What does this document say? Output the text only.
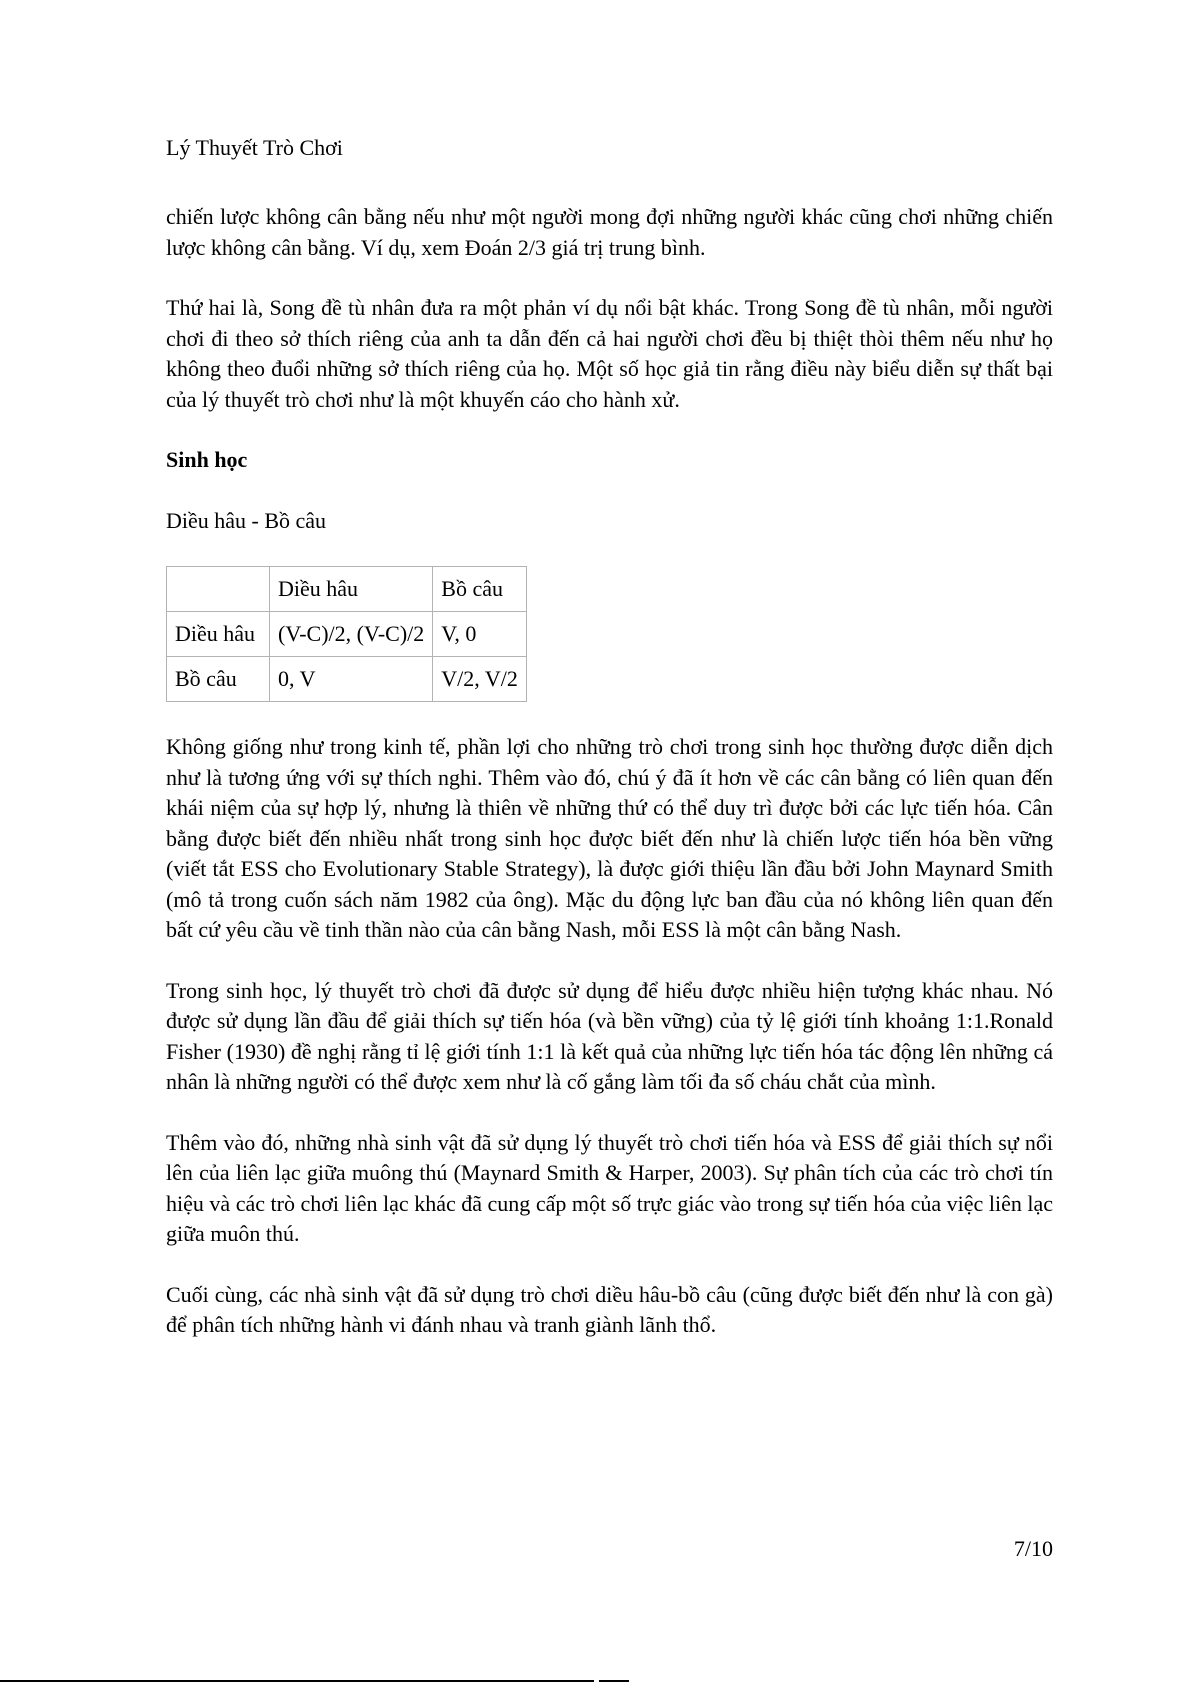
Lý Thuyết Trò Chơi

chiến lược không cân bằng nếu như một người mong đợi những người khác cũng chơi những chiến lược không cân bằng. Ví dụ, xem Đoán 2/3 giá trị trung bình.

Thứ hai là, Song đề tù nhân đưa ra một phản ví dụ nổi bật khác. Trong Song đề tù nhân, mỗi người chơi đi theo sở thích riêng của anh ta dẫn đến cả hai người chơi đều bị thiệt thòi thêm nếu như họ không theo đuổi những sở thích riêng của họ. Một số học giả tin rằng điều này biểu diễn sự thất bại của lý thuyết trò chơi như là một khuyến cáo cho hành xử.

Sinh học

Diều hâu - Bồ câu

	Diều hâu	Bồ câu
Diều hâu	(V-C)/2, (V-C)/2	V, 0
Bồ câu	0, V	V/2, V/2

Không giống như trong kinh tế, phần lợi cho những trò chơi trong sinh học thường được diễn dịch như là tương ứng với sự thích nghi. Thêm vào đó, chú ý đã ít hơn về các cân bằng có liên quan đến khái niệm của sự hợp lý, nhưng là thiên về những thứ có thể duy trì được bởi các lực tiến hóa. Cân bằng được biết đến nhiều nhất trong sinh học được biết đến như là chiến lược tiến hóa bền vững (viết tắt ESS cho Evolutionary Stable Strategy), là được giới thiệu lần đầu bởi John Maynard Smith (mô tả trong cuốn sách năm 1982 của ông). Mặc du động lực ban đầu của nó không liên quan đến bất cứ yêu cầu về tinh thần nào của cân bằng Nash, mỗi ESS là một cân bằng Nash.

Trong sinh học, lý thuyết trò chơi đã được sử dụng để hiểu được nhiều hiện tượng khác nhau. Nó được sử dụng lần đầu để giải thích sự tiến hóa (và bền vững) của tỷ lệ giới tính khoảng 1:1.Ronald Fisher (1930) đề nghị rằng tỉ lệ giới tính 1:1 là kết quả của những lực tiến hóa tác động lên những cá nhân là những người có thể được xem như là cố gắng làm tối đa số cháu chắt của mình.

Thêm vào đó, những nhà sinh vật đã sử dụng lý thuyết trò chơi tiến hóa và ESS để giải thích sự nổi lên của liên lạc giữa muông thú (Maynard Smith & Harper, 2003). Sự phân tích của các trò chơi tín hiệu và các trò chơi liên lạc khác đã cung cấp một số trực giác vào trong sự tiến hóa của việc liên lạc giữa muôn thú.

Cuối cùng, các nhà sinh vật đã sử dụng trò chơi diều hâu-bồ câu (cũng được biết đến như là con gà) để phân tích những hành vi đánh nhau và tranh giành lãnh thổ.

7/10
